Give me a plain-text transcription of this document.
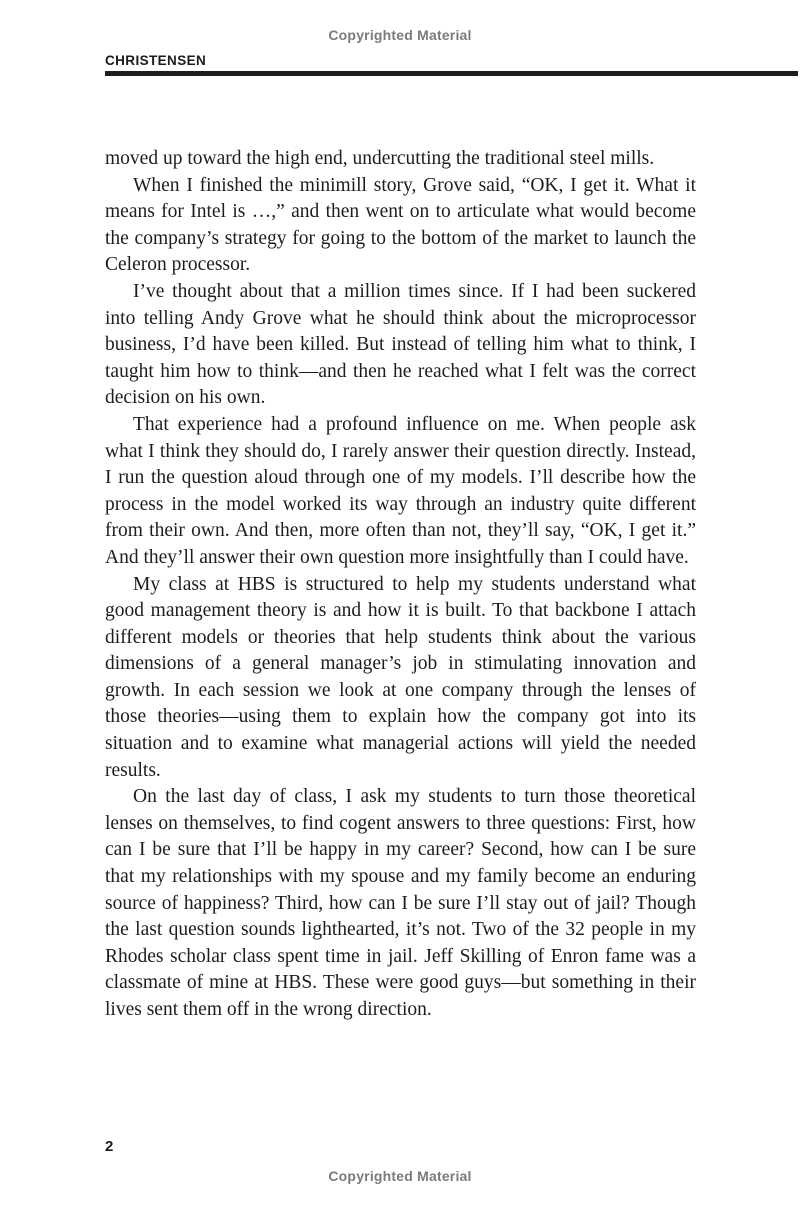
Copyrighted Material
CHRISTENSEN

moved up toward the high end, undercutting the traditional steel mills.

When I finished the minimill story, Grove said, “OK, I get it. What it means for Intel is …,” and then went on to articulate what would become the company’s strategy for going to the bottom of the market to launch the Celeron processor.

I’ve thought about that a million times since. If I had been suckered into telling Andy Grove what he should think about the microprocessor business, I’d have been killed. But instead of telling him what to think, I taught him how to think—and then he reached what I felt was the correct decision on his own.

That experience had a profound influence on me. When people ask what I think they should do, I rarely answer their question directly. Instead, I run the question aloud through one of my models. I’ll describe how the process in the model worked its way through an industry quite different from their own. And then, more often than not, they’ll say, “OK, I get it.” And they’ll answer their own question more insightfully than I could have.

My class at HBS is structured to help my students understand what good management theory is and how it is built. To that backbone I attach different models or theories that help students think about the various dimensions of a general manager’s job in stimulating innovation and growth. In each session we look at one company through the lenses of those theories—using them to explain how the company got into its situation and to examine what managerial actions will yield the needed results.

On the last day of class, I ask my students to turn those theoretical lenses on themselves, to find cogent answers to three questions: First, how can I be sure that I’ll be happy in my career? Second, how can I be sure that my relationships with my spouse and my family become an enduring source of happiness? Third, how can I be sure I’ll stay out of jail? Though the last question sounds lighthearted, it’s not. Two of the 32 people in my Rhodes scholar class spent time in jail. Jeff Skilling of Enron fame was a classmate of mine at HBS. These were good guys—but something in their lives sent them off in the wrong direction.

2
Copyrighted Material
